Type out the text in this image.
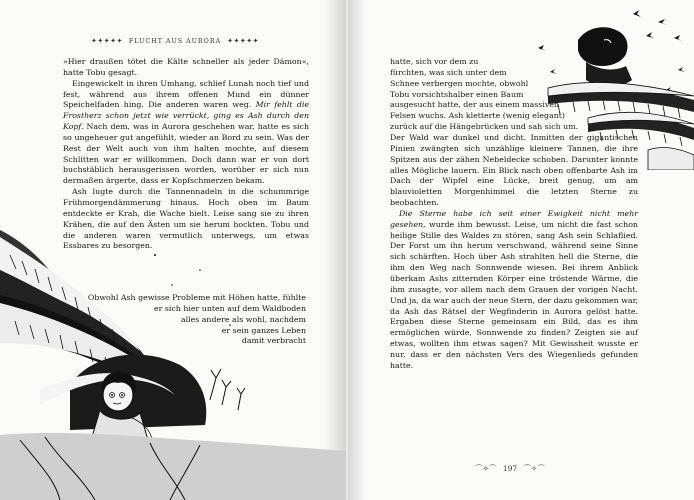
✦✦✦✦✦ FLUCHT AUS AURORA ✦✦✦✦✦

»Hier draußen tötet die Kälte schneller als jeder Dämon«, hatte Tobu gesagt.

Eingewickelt in ihren Umhang, schlief Lunah noch tief und fest, während aus ihrem offenen Mund ein dünner Speichelfaden hing. Die anderen waren weg. Mir fehlt die Frostherz schon jetzt wie verrückt, ging es Ash durch den Kopf. Nach dem, was in Aurora geschehen war, hatte es sich so ungeheuer gut angefühlt, wieder an Bord zu sein. Was der Rest der Welt auch von ihm halten mochte, auf diesem Schlitten war er willkommen. Doch dann war er von dort buchstäblich herausgerissen worden, worüber er sich nun dermaßen ärgerte, dass er Kopfschmerzen bekam.

Ash lugte durch die Tannennadeln in die schummrige Frühmorgendämmerung hinaus. Hoch oben im Baum entdeckte er Krah, die Wache hielt. Leise sang sie zu ihren Krähen, die auf den Ästen um sie herum hockten. Tobu und die anderen waren vermutlich unterwegs, um etwas Essbares zu besorgen.

Obwohl Ash gewisse Probleme mit Höhen hatte, fühlte
er sich hier unten auf dem Waldboden
alles andere als wohl, nachdem
er sein ganzes Leben
damit verbracht
hatte, sich vor dem zu
fürchten, was sich unter dem
Schnee verbergen mochte, obwohl
Tobu vorsichtshalber einen Baum
ausgesucht hatte, der aus einem massiven
Felsen wuchs. Ash kletterte (wenig elegant)
zurück auf die Hängebrücken und sah sich um.

Der Wald war dunkel und dicht. Inmitten der gigantischen Pinien zwängten sich unzählige kleinere Tannen, die ihre Spitzen aus der zähen Nebeldecke schoben. Darunter konnte alles Mögliche lauern. Ein Blick nach oben offenbarte Ash im Dach der Wipfel eine Lücke, breit genug, um am blauvioletten Morgenhimmel die letzten Sterne zu beobachten.

Die Sterne habe ich seit einer Ewigkeit nicht mehr gesehen, wurde ihm bewusst. Leise, um nicht die fast schon heilige Stille des Waldes zu stören, sang Ash sein Schlaflied. Der Forst um ihn herum verschwand, während seine Sinne sich schärften. Hoch über Ash strahlten hell die Sterne, die ihm den Weg nach Sonnwende wiesen. Bei ihrem Anblick überkam Ashs zitternden Körper eine tröstende Wärme, die ihm zusagte, vor allem nach dem Grauen der vorigen Nacht. Und ja, da war auch der neue Stern, der dazu gekommen war, da Ash das Rätsel der Wegfinderin in Aurora gelöst hatte. Ergaben diese Sterne gemeinsam ein Bild, das es ihm ermöglichen würde, Sonnwende zu finden? Zeigten sie auf etwas, wollten ihm etwas sagen? Mit Gewissheit wusste er nur, dass er den nächsten Vers des Wiegenlieds gefunden hatte.

⌒✧⌒ 197 ⌒✧⌒
